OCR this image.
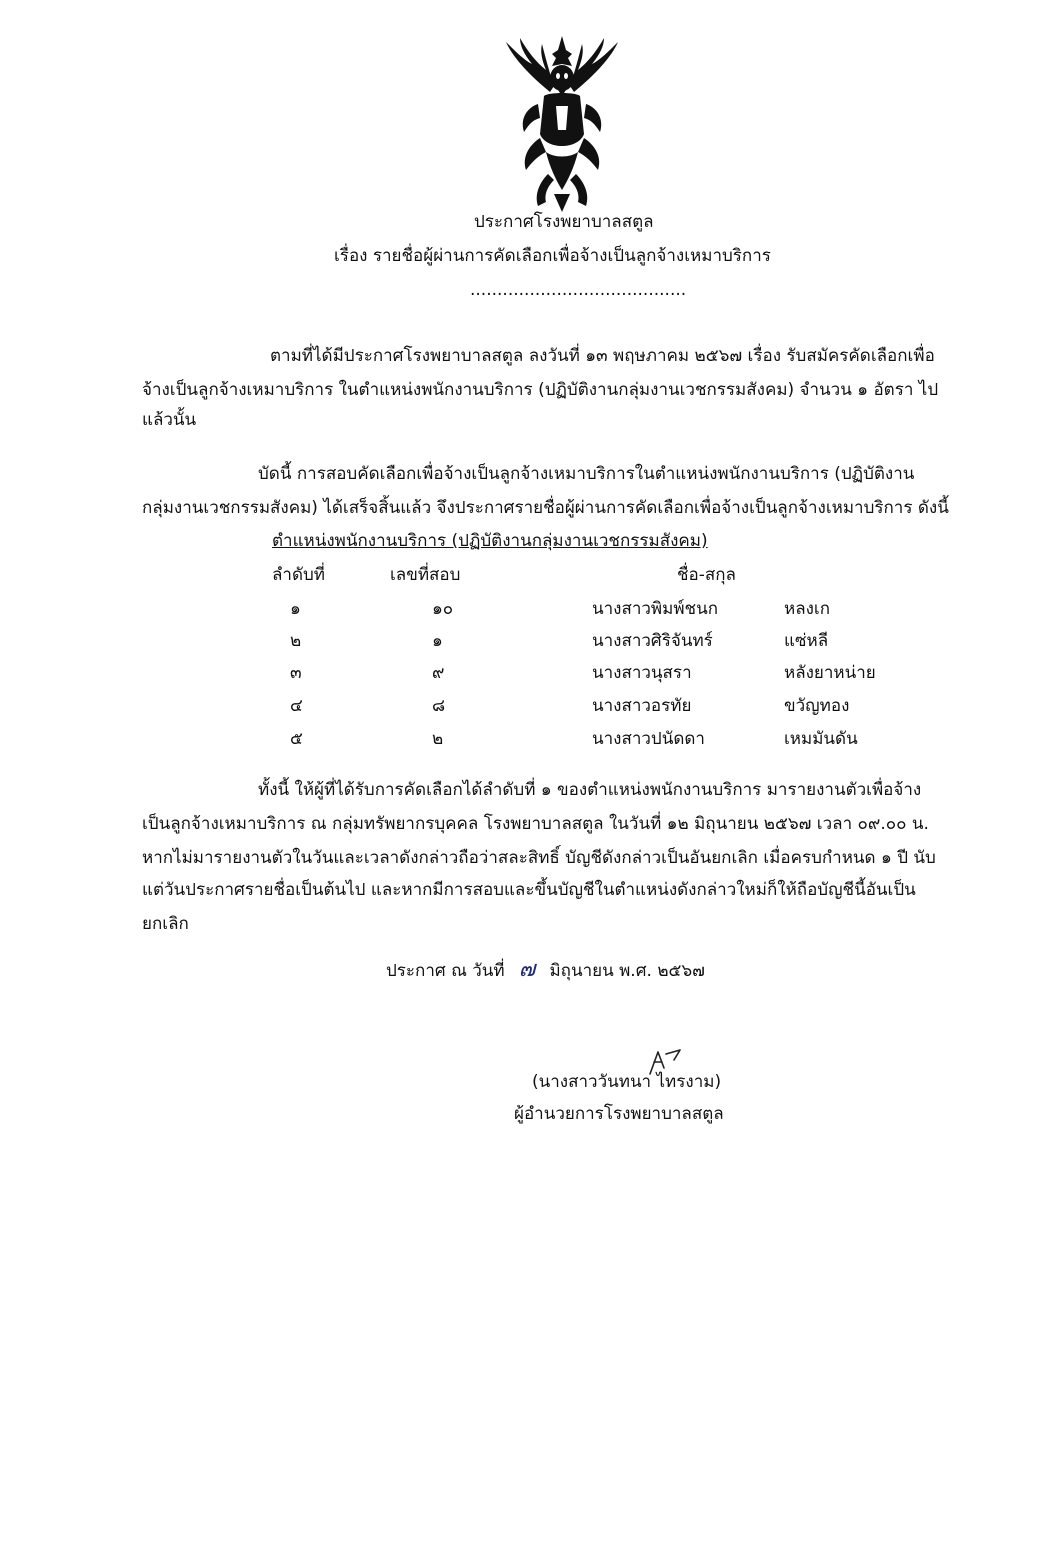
ประกาศโรงพยาบาลสตูล
เรื่อง รายชื่อผู้ผ่านการคัดเลือกเพื่อจ้างเป็นลูกจ้างเหมาบริการ
........................................
ตามที่ได้มีประกาศโรงพยาบาลสตูล ลงวันที่ ๑๓ พฤษภาคม ๒๕๖๗ เรื่อง รับสมัครคัดเลือกเพื่อ
จ้างเป็นลูกจ้างเหมาบริการ ในตำแหน่งพนักงานบริการ (ปฏิบัติงานกลุ่มงานเวชกรรมสังคม) จำนวน ๑ อัตรา ไป
แล้วนั้น
บัดนี้ การสอบคัดเลือกเพื่อจ้างเป็นลูกจ้างเหมาบริการในตำแหน่งพนักงานบริการ (ปฏิบัติงาน
กลุ่มงานเวชกรรมสังคม) ได้เสร็จสิ้นแล้ว จึงประกาศรายชื่อผู้ผ่านการคัดเลือกเพื่อจ้างเป็นลูกจ้างเหมาบริการ ดังนี้
ตำแหน่งพนักงานบริการ (ปฏิบัติงานกลุ่มงานเวชกรรมสังคม)
ลำดับที่	เลขที่สอบ	ชื่อ-สกุล
๑	๑๐	นางสาวพิมพ์ชนก	หลงเก
๒	๑	นางสาวศิริจันทร์	แซ่หลี
๓	๙	นางสาวนุสรา	หลังยาหน่าย
๔	๘	นางสาวอรทัย	ขวัญทอง
๕	๒	นางสาวปนัดดา	เหมมันดัน
ทั้งนี้ ให้ผู้ที่ได้รับการคัดเลือกได้ลำดับที่ ๑ ของตำแหน่งพนักงานบริการ มารายงานตัวเพื่อจ้าง
เป็นลูกจ้างเหมาบริการ ณ กลุ่มทรัพยากรบุคคล โรงพยาบาลสตูล ในวันที่ ๑๒ มิถุนายน ๒๕๖๗ เวลา ๐๙.๐๐ น.
หากไม่มารายงานตัวในวันและเวลาดังกล่าวถือว่าสละสิทธิ์ บัญชีดังกล่าวเป็นอันยกเลิก เมื่อครบกำหนด ๑ ปี นับ
แต่วันประกาศรายชื่อเป็นต้นไป และหากมีการสอบและขึ้นบัญชีในตำแหน่งดังกล่าวใหม่ก็ให้ถือบัญชีนี้อันเป็น
ยกเลิก
ประกาศ ณ วันที่ ๗ มิถุนายน พ.ศ. ๒๕๖๗
(นางสาววันทนา ไทรงาม)
ผู้อำนวยการโรงพยาบาลสตูล
